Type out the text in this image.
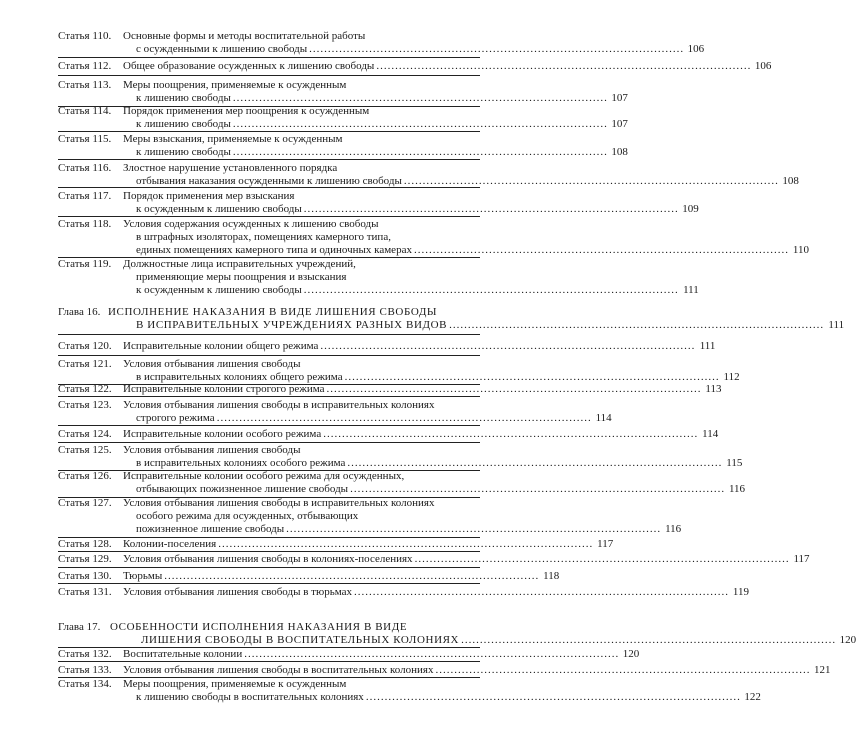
Статья 110. Основные формы и методы воспитательной работы
с осужденными к лишению свободы .................................................................................................... 106
Статья 112. Общее образование осужденных к лишению свободы .................................................................................................... 106
Статья 113. Меры поощрения, применяемые к осужденным
к лишению свободы .................................................................................................... 107
Статья 114. Порядок применения мер поощрения к осужденным
к лишению свободы .................................................................................................... 107
Статья 115. Меры взыскания, применяемые к осужденным
к лишению свободы .................................................................................................... 108
Статья 116. Злостное нарушение установленного порядка
отбывания наказания осужденными к лишению свободы .................................................................................................... 108
Статья 117. Порядок применения мер взыскания
к осужденным к лишению свободы .................................................................................................... 109
Статья 118. Условия содержания осужденных к лишению свободы
в штрафных изоляторах, помещениях камерного типа,
единых помещениях камерного типа и одиночных камерах .................................................................................................... 110
Статья 119. Должностные лица исправительных учреждений,
применяющие меры поощрения и взыскания
к осужденным к лишению свободы .................................................................................................... 111
Глава 16. ИСПОЛНЕНИЕ НАКАЗАНИЯ В ВИДЕ ЛИШЕНИЯ СВОБОДЫ
В ИСПРАВИТЕЛЬНЫХ УЧРЕЖДЕНИЯХ РАЗНЫХ ВИДОВ .................................................................................................... 111
Статья 120. Исправительные колонии общего режима .................................................................................................... 111
Статья 121. Условия отбывания лишения свободы
в исправительных колониях общего режима .................................................................................................... 112
Статья 122. Исправительные колонии строгого режима .................................................................................................... 113
Статья 123. Условия отбывания лишения свободы в исправительных колониях
строгого режима .................................................................................................... 114
Статья 124. Исправительные колонии особого режима .................................................................................................... 114
Статья 125. Условия отбывания лишения свободы
в исправительных колониях особого режима .................................................................................................... 115
Статья 126. Исправительные колонии особого режима для осужденных,
отбывающих пожизненное лишение свободы .................................................................................................... 116
Статья 127. Условия отбывания лишения свободы в исправительных колониях
особого режима для осужденных, отбывающих
пожизненное лишение свободы .................................................................................................... 116
Статья 128. Колонии-поселения .................................................................................................... 117
Статья 129. Условия отбывания лишения свободы в колониях-поселениях .................................................................................................... 117
Статья 130. Тюрьмы .................................................................................................... 118
Статья 131. Условия отбывания лишения свободы в тюрьмах .................................................................................................... 119
Глава 17. ОСОБЕННОСТИ ИСПОЛНЕНИЯ НАКАЗАНИЯ В ВИДЕ
ЛИШЕНИЯ СВОБОДЫ В ВОСПИТАТЕЛЬНЫХ КОЛОНИЯХ .................................................................................................... 120
Статья 132. Воспитательные колонии .................................................................................................... 120
Статья 133. Условия отбывания лишения свободы в воспитательных колониях .................................................................................................... 121
Статья 134. Меры поощрения, применяемые к осужденным
к лишению свободы в воспитательных колониях .................................................................................................... 122
